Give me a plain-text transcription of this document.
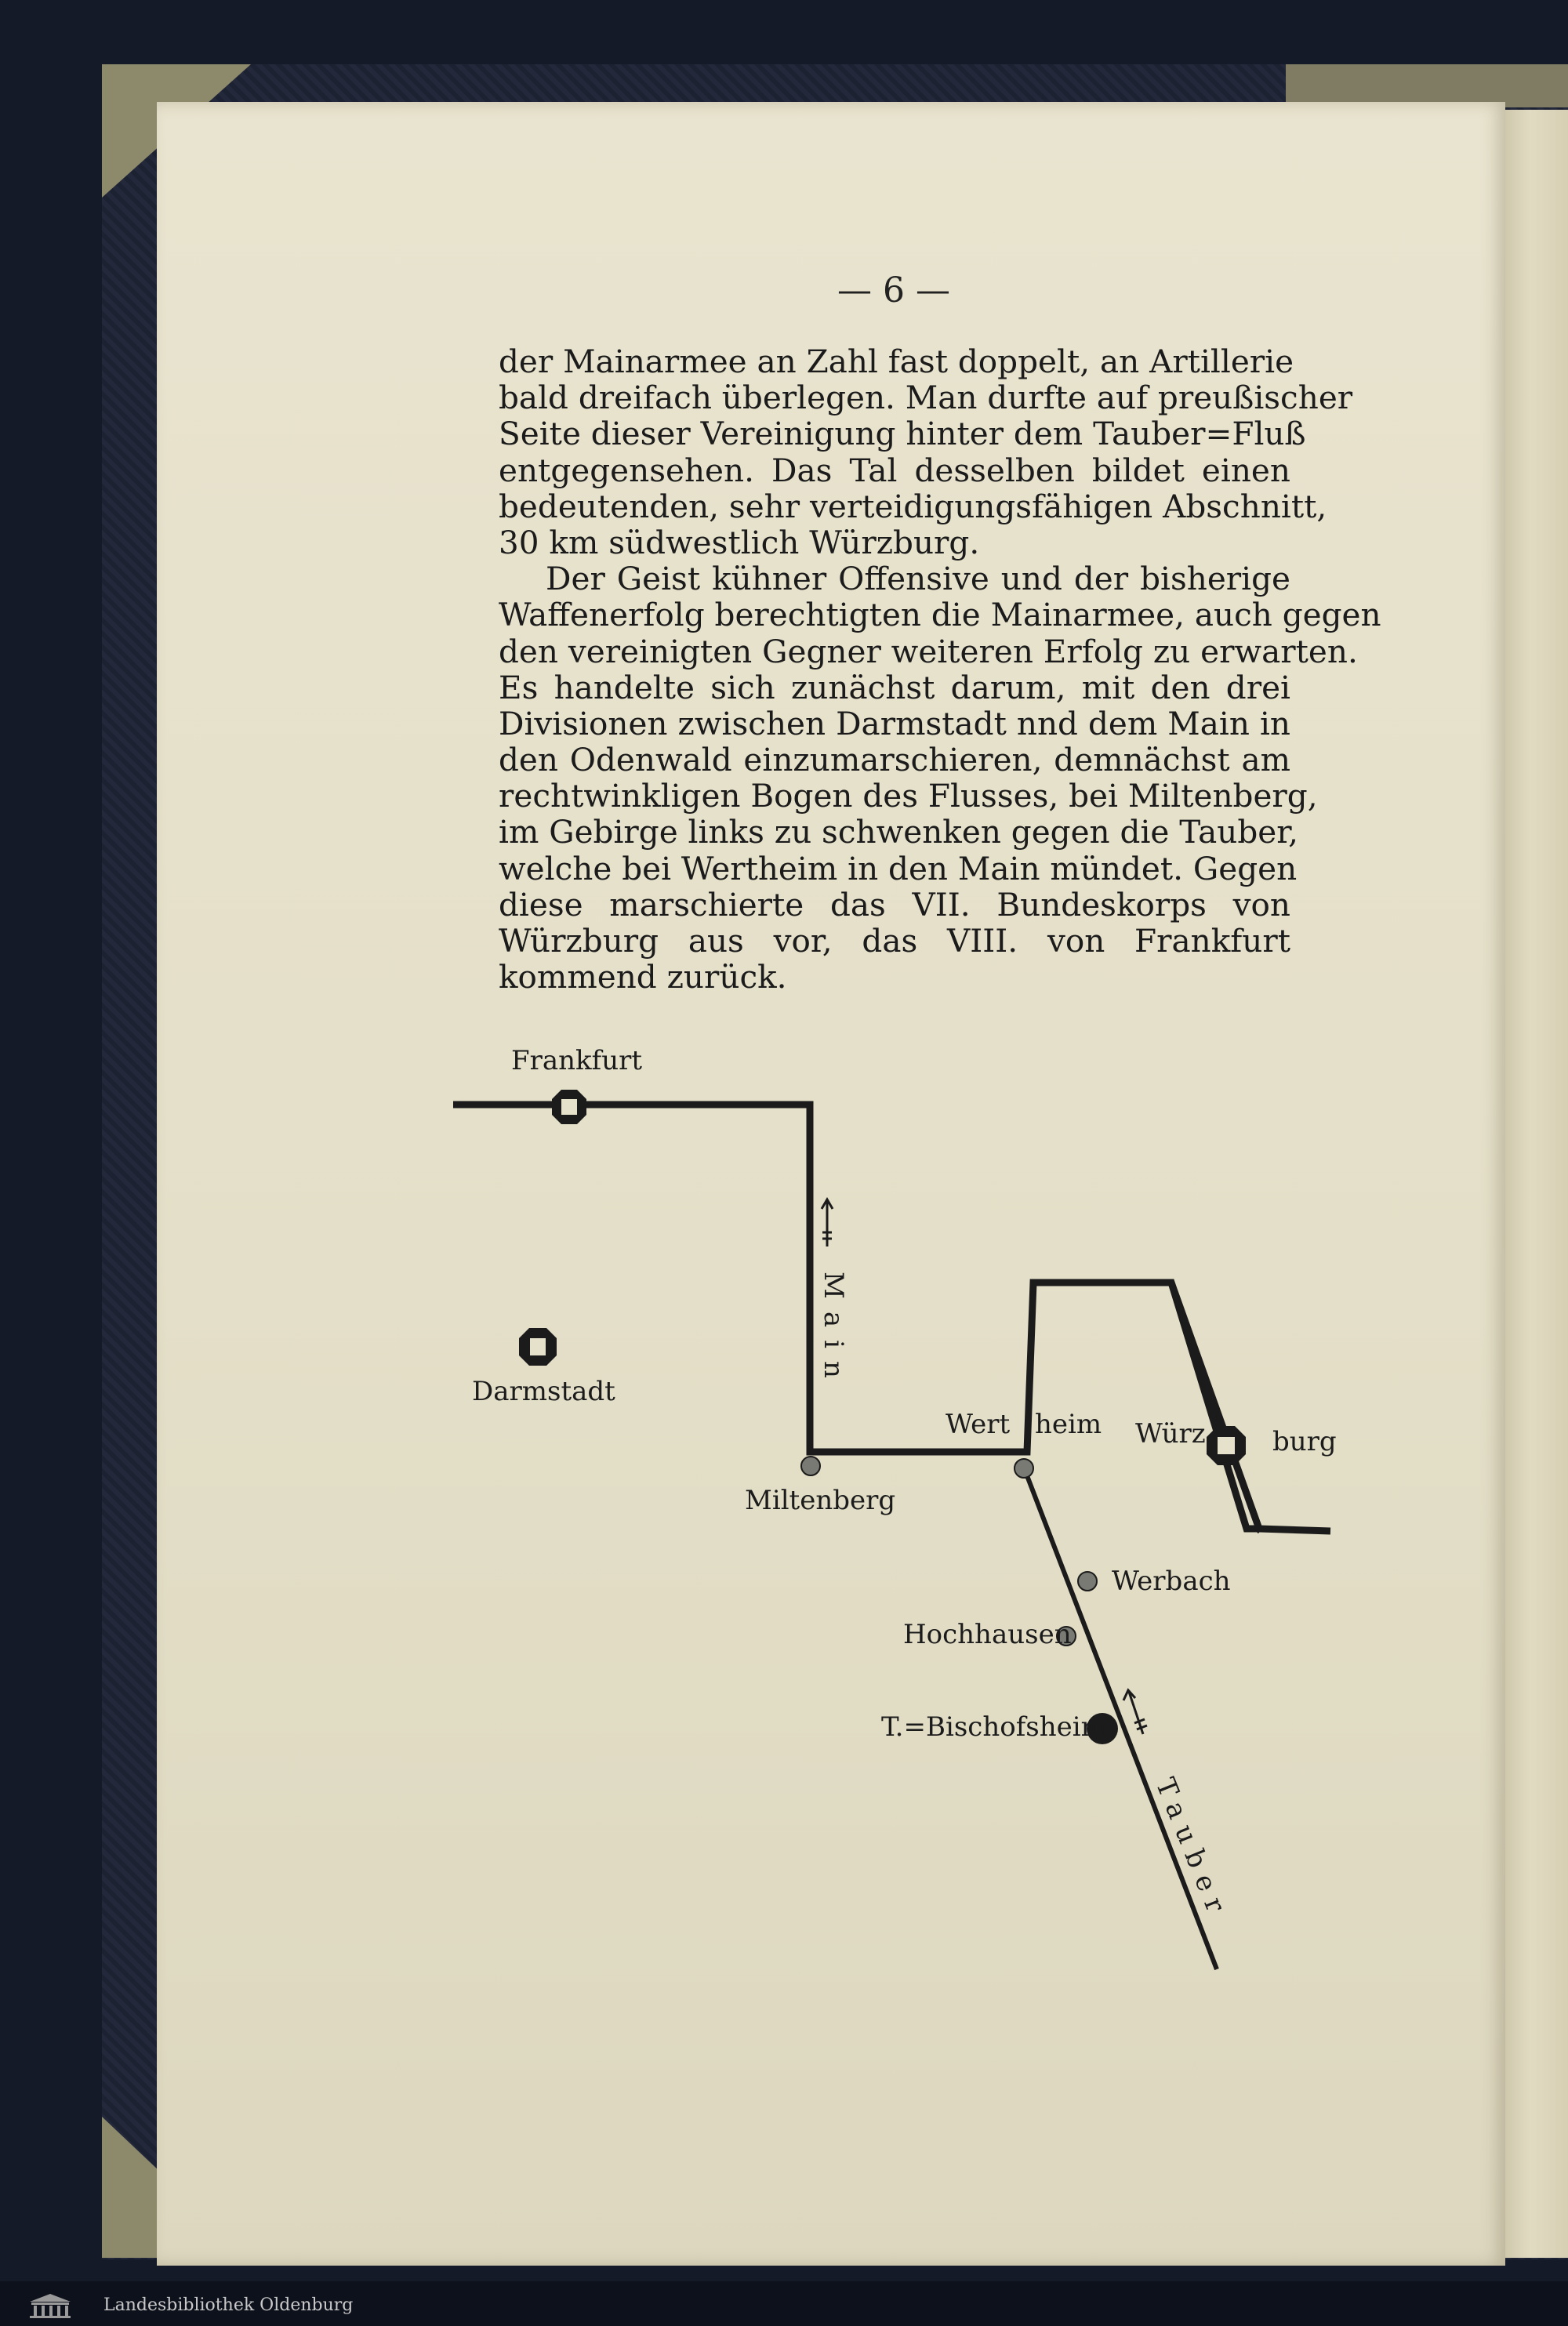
— 6 —
der Mainarmee an Zahl fast doppelt, an Artillerie
bald dreifach überlegen. Man durfte auf preußischer
Seite dieser Vereinigung hinter dem Tauber=Fluß
entgegensehen. Das Tal desselben bildet einen
bedeutenden, sehr verteidigungsfähigen Abschnitt,
30 km südwestlich Würzburg.
Der Geist kühner Offensive und der bisherige
Waffenerfolg berechtigten die Mainarmee, auch gegen
den vereinigten Gegner weiteren Erfolg zu erwarten.
Es handelte sich zunächst darum, mit den drei
Divisionen zwischen Darmstadt nnd dem Main in
den Odenwald einzumarschieren, demnächst am
rechtwinkligen Bogen des Flusses, bei Miltenberg,
im Gebirge links zu schwenken gegen die Tauber,
welche bei Wertheim in den Main mündet. Gegen
diese marschierte das VII. Bundeskorps von
Würzburg aus vor, das VIII. von Frankfurt
kommend zurück.
Frankfurt
Darmstadt
Miltenberg
Wert heim Würz	burg
Werbach
Hochhausen
T.=Bischofsheim
Main
Tauber
Landesbibliothek Oldenburg
